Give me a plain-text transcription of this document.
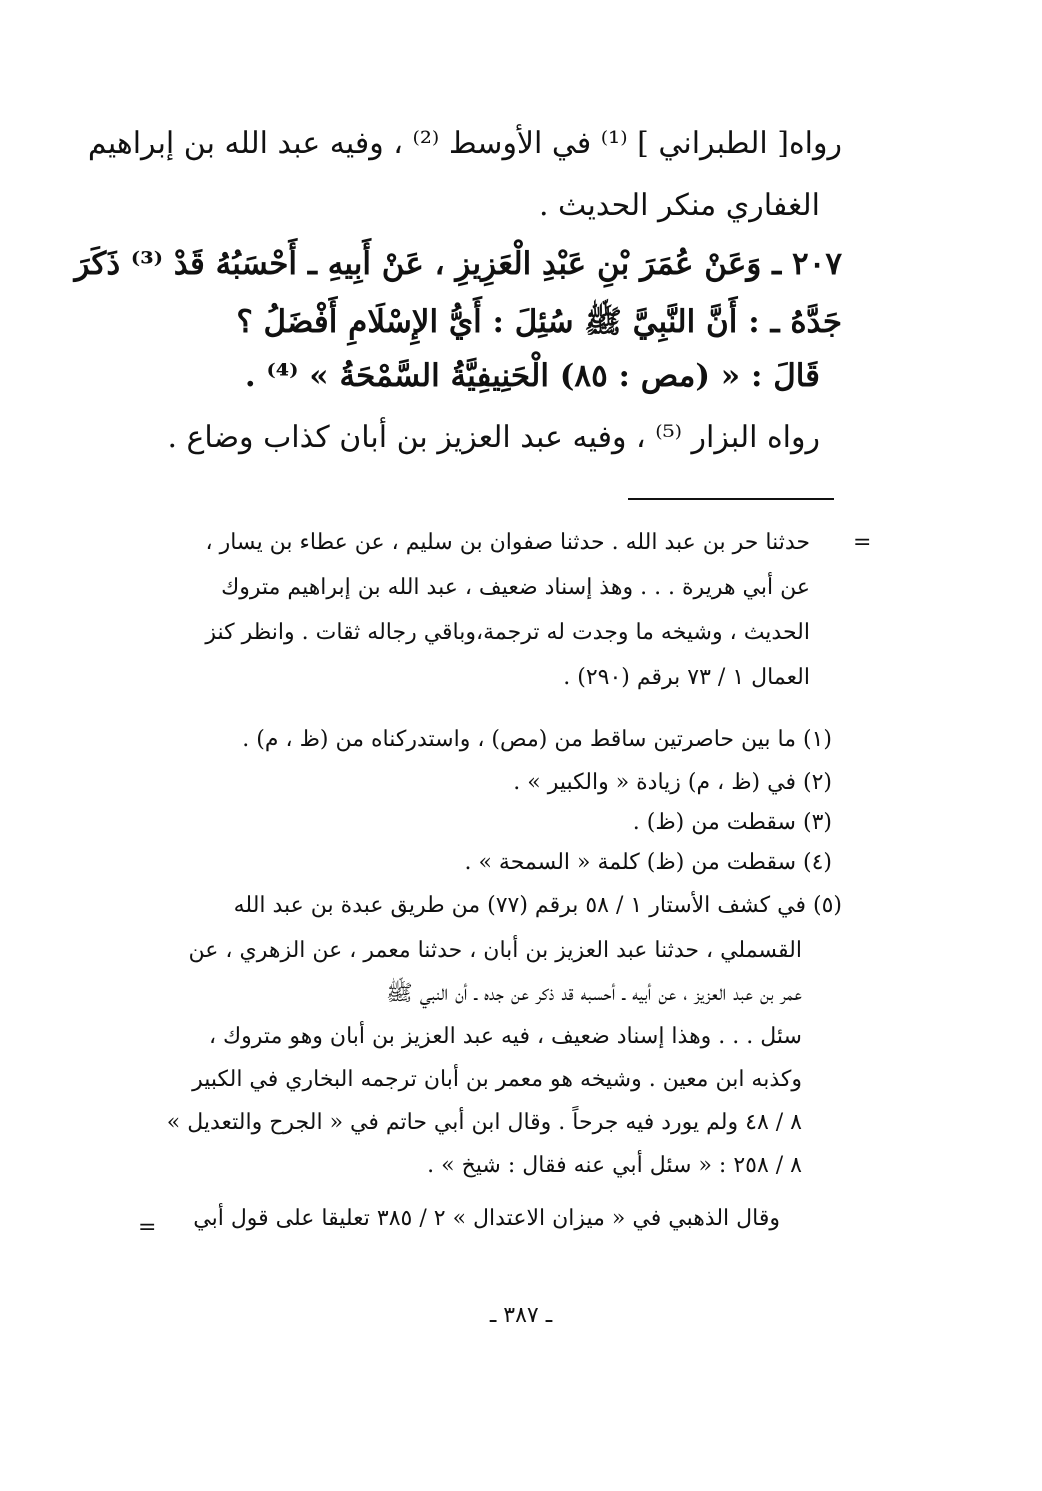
رواه[ الطبراني ] ⁽¹⁾ في الأوسط ⁽²⁾ ، وفيه عبد الله بن إبراهيم

الغفاري منكر الحديث .

٢٠٧ ـ وَعَنْ عُمَرَ بْنِ عَبْدِ الْعَزِيزِ ، عَنْ أَبِيهِ ـ أَحْسَبُهُ قَدْ ⁽³⁾ ذَكَرَ

جَدَّهُ ـ : أَنَّ النَّبِيَّ ﷺ سُئِلَ : أَيُّ الإِسْلَامِ أَفْضَلُ ؟

قَالَ : « (مص : ٨٥) الْحَنِيفِيَّةُ السَّمْحَةُ » ⁽⁴⁾ .

رواه البزار ⁽⁵⁾ ، وفيه عبد العزيز بن أبان كذاب وضاع .

=

حدثنا حر بن عبد الله . حدثنا صفوان بن سليم ، عن عطاء بن يسار ،

عن أبي هريرة . . . وهذ إسناد ضعيف ، عبد الله بن إبراهيم متروك

الحديث ، وشيخه ما وجدت له ترجمة،وباقي رجاله ثقات . وانظر كنز

العمال ١ / ٧٣ برقم (٢٩٠) .

(١) ما بين حاصرتين ساقط من (مص) ، واستدركناه من (ظ ، م) .

(٢) في (ظ ، م) زيادة « والكبير » .

(٣) سقطت من (ظ) .

(٤) سقطت من (ظ) كلمة « السمحة » .

(٥) في كشف الأستار ١ / ٥٨ برقم (٧٧) من طريق عبدة بن عبد الله

القسملي ، حدثنا عبد العزيز بن أبان ، حدثنا معمر ، عن الزهري ، عن

عمر بن عبد العزيز ، عن أبيه ـ أحسبه قد ذكر عن جده ـ أن النبي ﷺ

سئل . . . وهذا إسناد ضعيف ، فيه عبد العزيز بن أبان وهو متروك ،

وكذبه ابن معين . وشيخه هو معمر بن أبان ترجمه البخاري في الكبير

٨ / ٤٨ ولم يورد فيه جرحاً . وقال ابن أبي حاتم في « الجرح والتعديل »

٨ / ٢٥٨ : « سئل أبي عنه فقال : شيخ » .

وقال الذهبي في « ميزان الاعتدال » ٢ / ٣٨٥ تعليقا على قول أبي

=
ـ ٣٨٧ ـ
